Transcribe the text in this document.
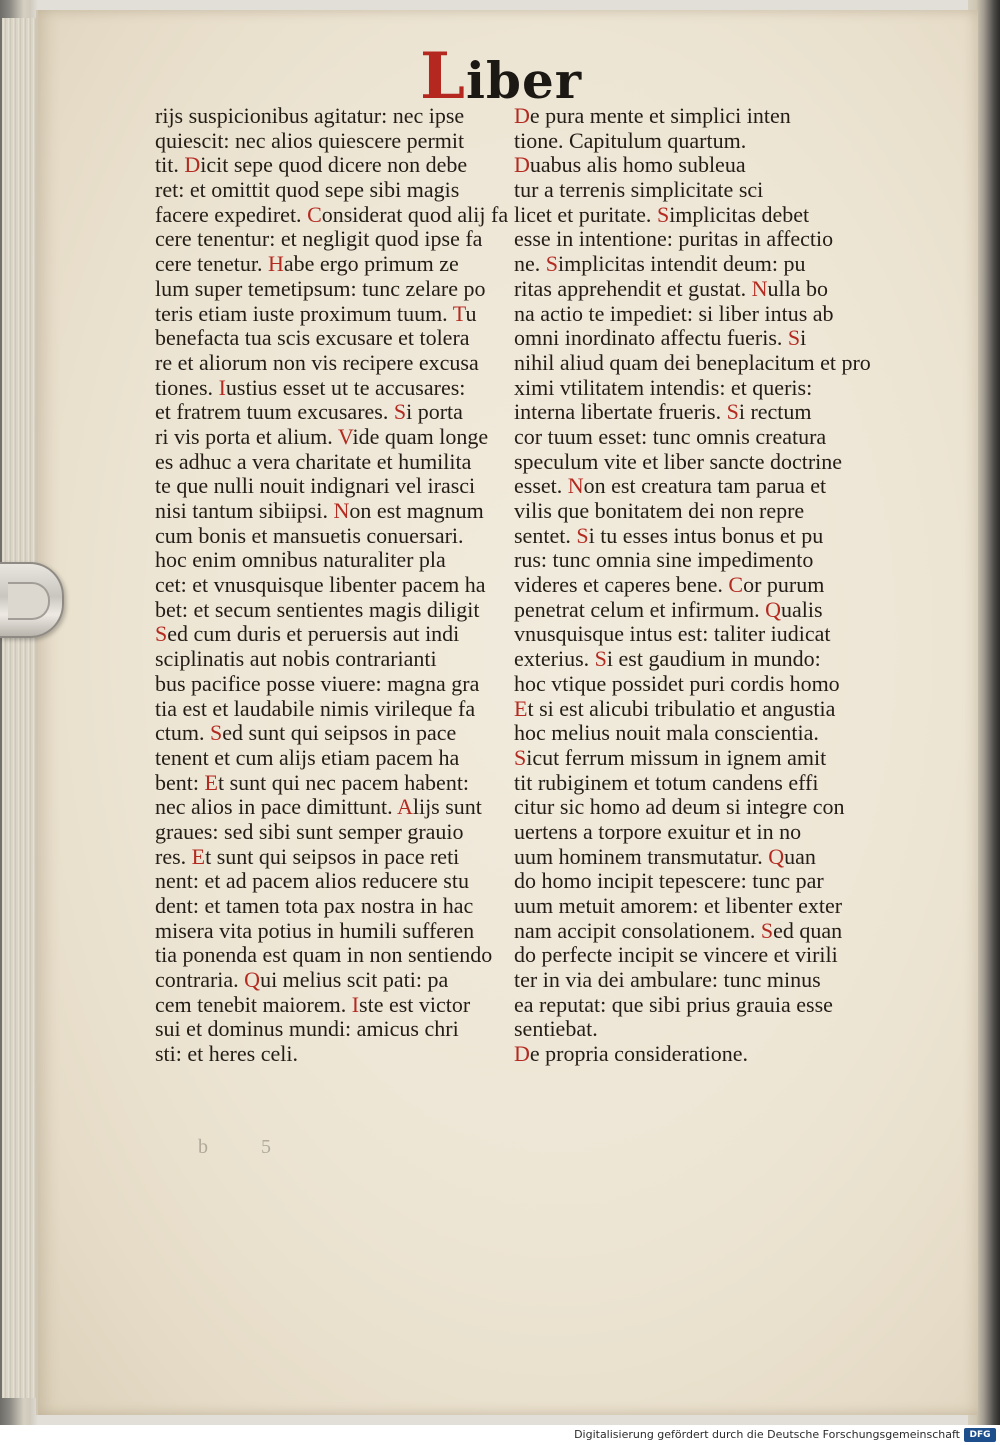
Liber
rijs suspicionibus agitatur: nec ipse
quiescit: nec alios quiescere permit
tit. Dicit sepe quod dicere non debe
ret: et omittit quod sepe sibi magis
facere expediret. Considerat quod alij fa
cere tenentur: et negligit quod ipse fa
cere tenetur. Habe ergo primum ze
lum super temetipsum: tunc zelare po
teris etiam iuste proximum tuum. Tu
benefacta tua scis excusare et tolera
re et aliorum non vis recipere excusa
tiones. Iustius esset ut te accusares:
et fratrem tuum excusares. Si porta
ri vis porta et alium. Vide quam longe
es adhuc a vera charitate et humilita
te que nulli nouit indignari vel irasci
nisi tantum sibiipsi. Non est magnum
cum bonis et mansuetis conuersari.
hoc enim omnibus naturaliter pla
cet: et vnusquisque libenter pacem ha
bet: et secum sentientes magis diligit
Sed cum duris et peruersis aut indi
sciplinatis aut nobis contrarianti
bus pacifice posse viuere: magna gra
tia est et laudabile nimis virileque fa
ctum. Sed sunt qui seipsos in pace
tenent et cum alijs etiam pacem ha
bent: Et sunt qui nec pacem habent:
nec alios in pace dimittunt. Alijs sunt
graues: sed sibi sunt semper grauio
res. Et sunt qui seipsos in pace reti
nent: et ad pacem alios reducere stu
dent: et tamen tota pax nostra in hac
misera vita potius in humili sufferen
tia ponenda est quam in non sentiendo
contraria. Qui melius scit pati: pa
cem tenebit maiorem. Iste est victor
sui et dominus mundi: amicus chri
sti: et heres celi.
De pura mente et simplici inten
tione. Capitulum quartum.
Duabus alis homo subleua
tur a terrenis simplicitate sci
licet et puritate. Simplicitas debet
esse in intentione: puritas in affectio
ne. Simplicitas intendit deum: pu
ritas apprehendit et gustat. Nulla bo
na actio te impediet: si liber intus ab
omni inordinato affectu fueris. Si
nihil aliud quam dei beneplacitum et pro
ximi vtilitatem intendis: et queris:
interna libertate frueris. Si rectum
cor tuum esset: tunc omnis creatura
speculum vite et liber sancte doctrine
esset. Non est creatura tam parua et
vilis que bonitatem dei non repre
sentet. Si tu esses intus bonus et pu
rus: tunc omnia sine impedimento
videres et caperes bene. Cor purum
penetrat celum et infirmum. Qualis
vnusquisque intus est: taliter iudicat
exterius. Si est gaudium in mundo:
hoc vtique possidet puri cordis homo
Et si est alicubi tribulatio et angustia
hoc melius nouit mala conscientia.
Sicut ferrum missum in ignem amit
tit rubiginem et totum candens effi
citur sic homo ad deum si integre con
uertens a torpore exuitur et in no
uum hominem transmutatur. Quan
do homo incipit tepescere: tunc par
uum metuit amorem: et libenter exter
nam accipit consolationem. Sed quan
do perfecte incipit se vincere et virili
ter in via dei ambulare: tunc minus
ea reputat: que sibi prius grauia esse
sentiebat.
De propria consideratione.
b 5
Digitalisierung gefördert durch die Deutsche Forschungsgemeinschaft	DFG
